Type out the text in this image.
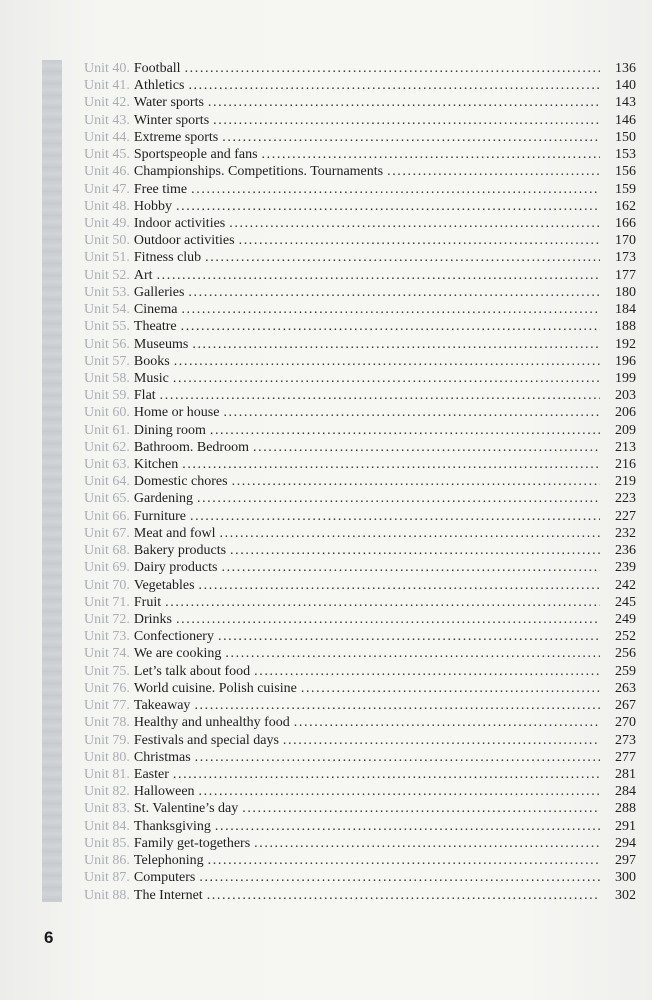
Unit 40 . Football .....	136
Unit 41 . Athletics .....	140
Unit 42 . Water sports .....	143
Unit 43 . Winter sports .....	146
Unit 44 . Extreme sports .....	150
Unit 45 . Sportspeople and fans .....	153
Unit 46 . Championships. Competitions. Tournaments .....	156
Unit 47 . Free time .....	159
Unit 48 . Hobby .....	162
Unit 49 . Indoor activities .....	166
Unit 50 . Outdoor activities .....	170
Unit 51 . Fitness club .....	173
Unit 52 . Art .....	177
Unit 53 . Galleries .....	180
Unit 54 . Cinema .....	184
Unit 55 . Theatre .....	188
Unit 56 . Museums .....	192
Unit 57 . Books .....	196
Unit 58 . Music .....	199
Unit 59 . Flat .....	203
Unit 60 . Home or house .....	206
Unit 61 . Dining room .....	209
Unit 62 . Bathroom. Bedroom .....	213
Unit 63 . Kitchen .....	216
Unit 64 . Domestic chores .....	219
Unit 65 . Gardening .....	223
Unit 66 . Furniture .....	227
Unit 67 . Meat and fowl .....	232
Unit 68 . Bakery products .....	236
Unit 69 . Dairy products .....	239
Unit 70 . Vegetables .....	242
Unit 71 . Fruit .....	245
Unit 72 . Drinks .....	249
Unit 73 . Confectionery .....	252
Unit 74 . We are cooking .....	256
Unit 75 . Let’s talk about food .....	259
Unit 76 . World cuisine. Polish cuisine .....	263
Unit 77 . Takeaway .....	267
Unit 78 . Healthy and unhealthy food .....	270
Unit 79 . Festivals and special days .....	273
Unit 80 . Christmas .....	277
Unit 81 . Easter .....	281
Unit 82 . Halloween .....	284
Unit 83 . St. Valentine’s day .....	288
Unit 84 . Thanksgiving .....	291
Unit 85 . Family get-togethers .....	294
Unit 86 . Telephoning .....	297
Unit 87 . Computers .....	300
Unit 88 . The Internet .....	302
6
